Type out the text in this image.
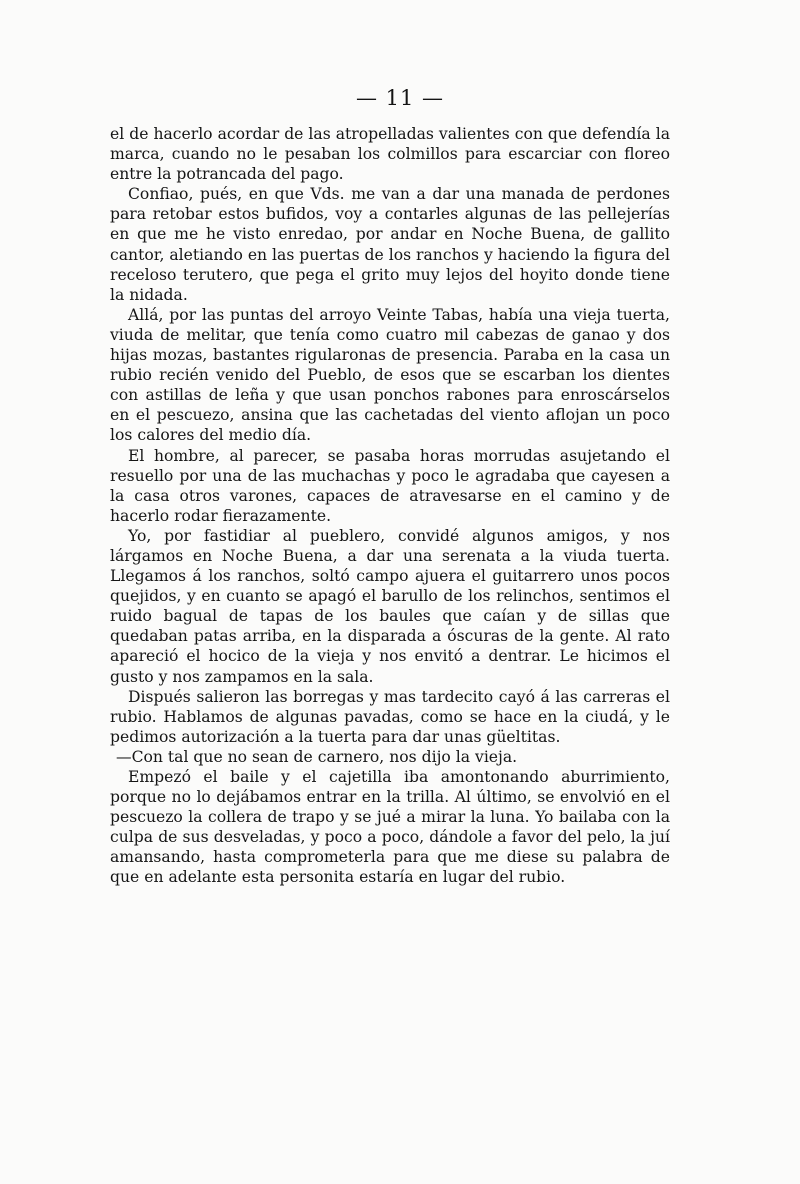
— 11 —

el de hacerlo acordar de las atropelladas valientes con que defendía la marca, cuando no le pesaban los colmillos para escarciar con floreo entre la potrancada del pago.

Confiao, pués, en que Vds. me van a dar una manada de perdones para retobar estos bufidos, voy a contarles algunas de las pellejerías en que me he visto enredao, por andar en Noche Buena, de gallito cantor, aletiando en las puertas de los ranchos y haciendo la figura del receloso terutero, que pega el grito muy lejos del hoyito donde tiene la nidada.

Allá, por las puntas del arroyo Veinte Tabas, había una vieja tuerta, viuda de melitar, que tenía como cuatro mil cabezas de ganao y dos hijas mozas, bastantes rigularonas de presencia. Paraba en la casa un rubio recién venido del Pueblo, de esos que se escarban los dientes con astillas de leña y que usan ponchos rabones para enroscárselos en el pescuezo, ansina que las cachetadas del viento aflojan un poco los calores del medio día.

El hombre, al parecer, se pasaba horas morrudas asujetando el resuello por una de las muchachas y poco le agradaba que cayesen a la casa otros varones, capaces de atravesarse en el camino y de hacerlo rodar fierazamente.

Yo, por fastidiar al pueblero, convidé algunos amigos, y nos lárgamos en Noche Buena, a dar una serenata a la viuda tuerta. Llegamos á los ranchos, soltó campo ajuera el guitarrero unos pocos quejidos, y en cuanto se apagó el barullo de los relinchos, sentimos el ruido bagual de tapas de los baules que caían y de sillas que quedaban patas arriba, en la disparada a óscuras de la gente. Al rato apareció el hocico de la vieja y nos envitó a dentrar. Le hicimos el gusto y nos zampamos en la sala.

Dispués salieron las borregas y mas tardecito cayó á las carreras el rubio. Hablamos de algunas pavadas, como se hace en la ciudá, y le pedimos autorización a la tuerta para dar unas güeltitas.

—Con tal que no sean de carnero, nos dijo la vieja.

Empezó el baile y el cajetilla iba amontonando aburrimiento, porque no lo dejábamos entrar en la trilla. Al último, se envolvió en el pescuezo la collera de trapo y se jué a mirar la luna. Yo bailaba con la culpa de sus desveladas, y poco a poco, dándole a favor del pelo, la juí amansando, hasta comprometerla para que me diese su palabra de que en adelante esta personita estaría en lugar del rubio.
